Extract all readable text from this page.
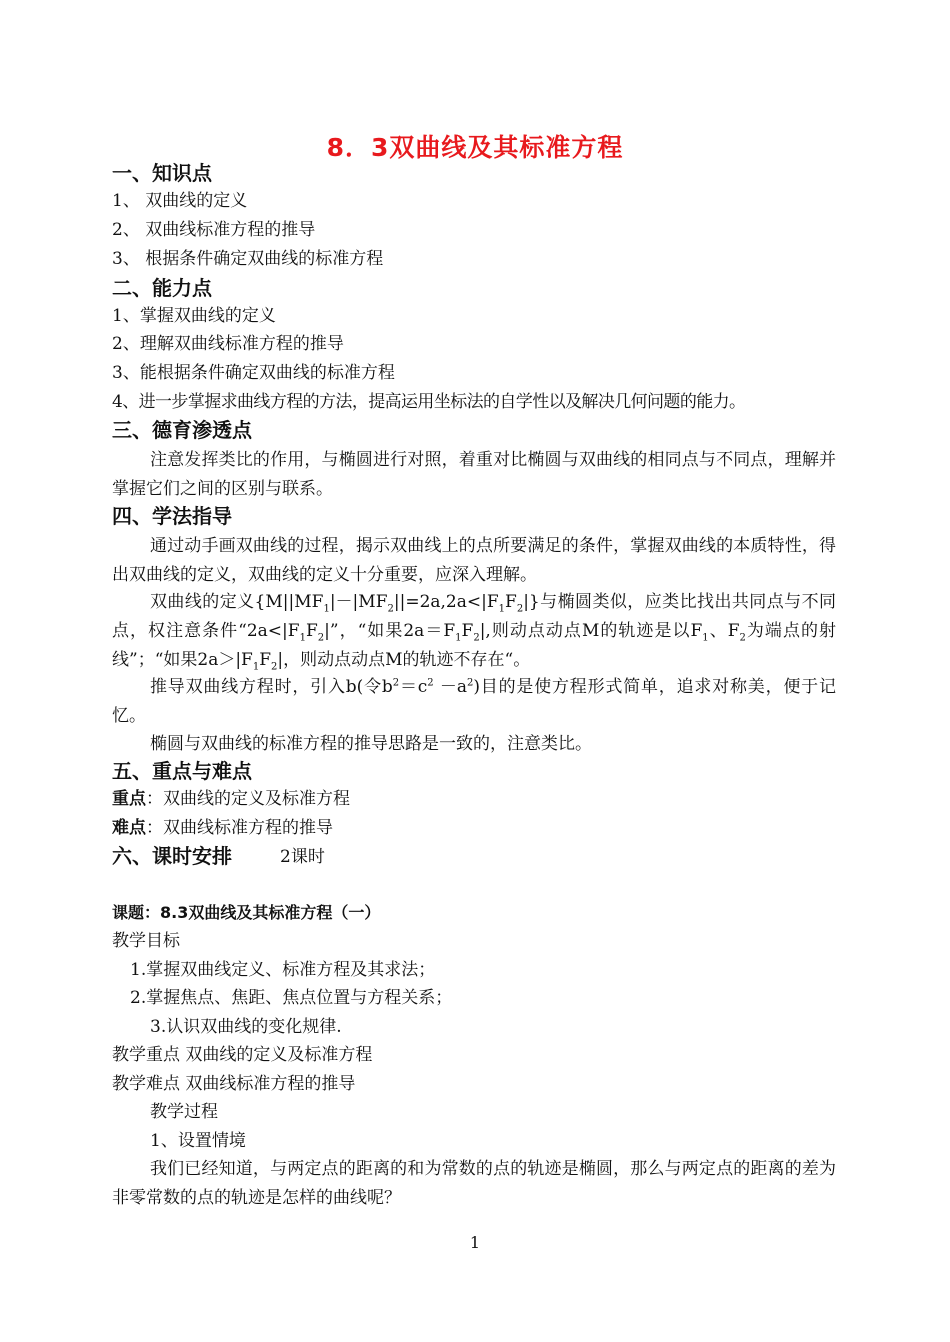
8．3双曲线及其标准方程
一、知识点
1、 双曲线的定义
2、 双曲线标准方程的推导
3、 根据条件确定双曲线的标准方程
二、能力点
1、掌握双曲线的定义
2、理解双曲线标准方程的推导
3、能根据条件确定双曲线的标准方程
4、进一步掌握求曲线方程的方法，提高运用坐标法的自学性以及解决几何问题的能力。
三、德育渗透点
注意发挥类比的作用，与椭圆进行对照，着重对比椭圆与双曲线的相同点与不同点，理解并掌握它们之间的区别与联系。
四、学法指导
通过动手画双曲线的过程，揭示双曲线上的点所要满足的条件，掌握双曲线的本质特性，得出双曲线的定义，双曲线的定义十分重要，应深入理解。
双曲线的定义$\{M||MF_1|-|MF_2||=2a,2a<|F_1F_2|\}$与椭圆类似，应类比找出共同点与不同点，权注意条件“$2a<|F_1F_2|$”，“如果$2a=F_1F_2|$,则动点动点M的轨迹是以$F_1$、$F_2$为端点的射线”；“如果$2a>|F_1F_2|$，则动点动点M的轨迹不存在“。
推导双曲线方程时，引入b(令$b^2=c^2 -a^2$)目的是使方程形式简单，追求对称美，便于记忆。
椭圆与双曲线的标准方程的推导思路是一致的，注意类比。
五、重点与难点
重点：双曲线的定义及标准方程
难点：双曲线标准方程的推导
六、课时安排	2课时
课题：8.3双曲线及其标准方程（一）
教学目标
1.掌握双曲线定义、标准方程及其求法；
2.掌握焦点、焦距、焦点位置与方程关系；
3.认识双曲线的变化规律.
教学重点 双曲线的定义及标准方程
教学难点 双曲线标准方程的推导
教学过程
1、设置情境
我们已经知道，与两定点的距离的和为常数的点的轨迹是椭圆，那么与两定点的距离的差为非零常数的点的轨迹是怎样的曲线呢？
1
